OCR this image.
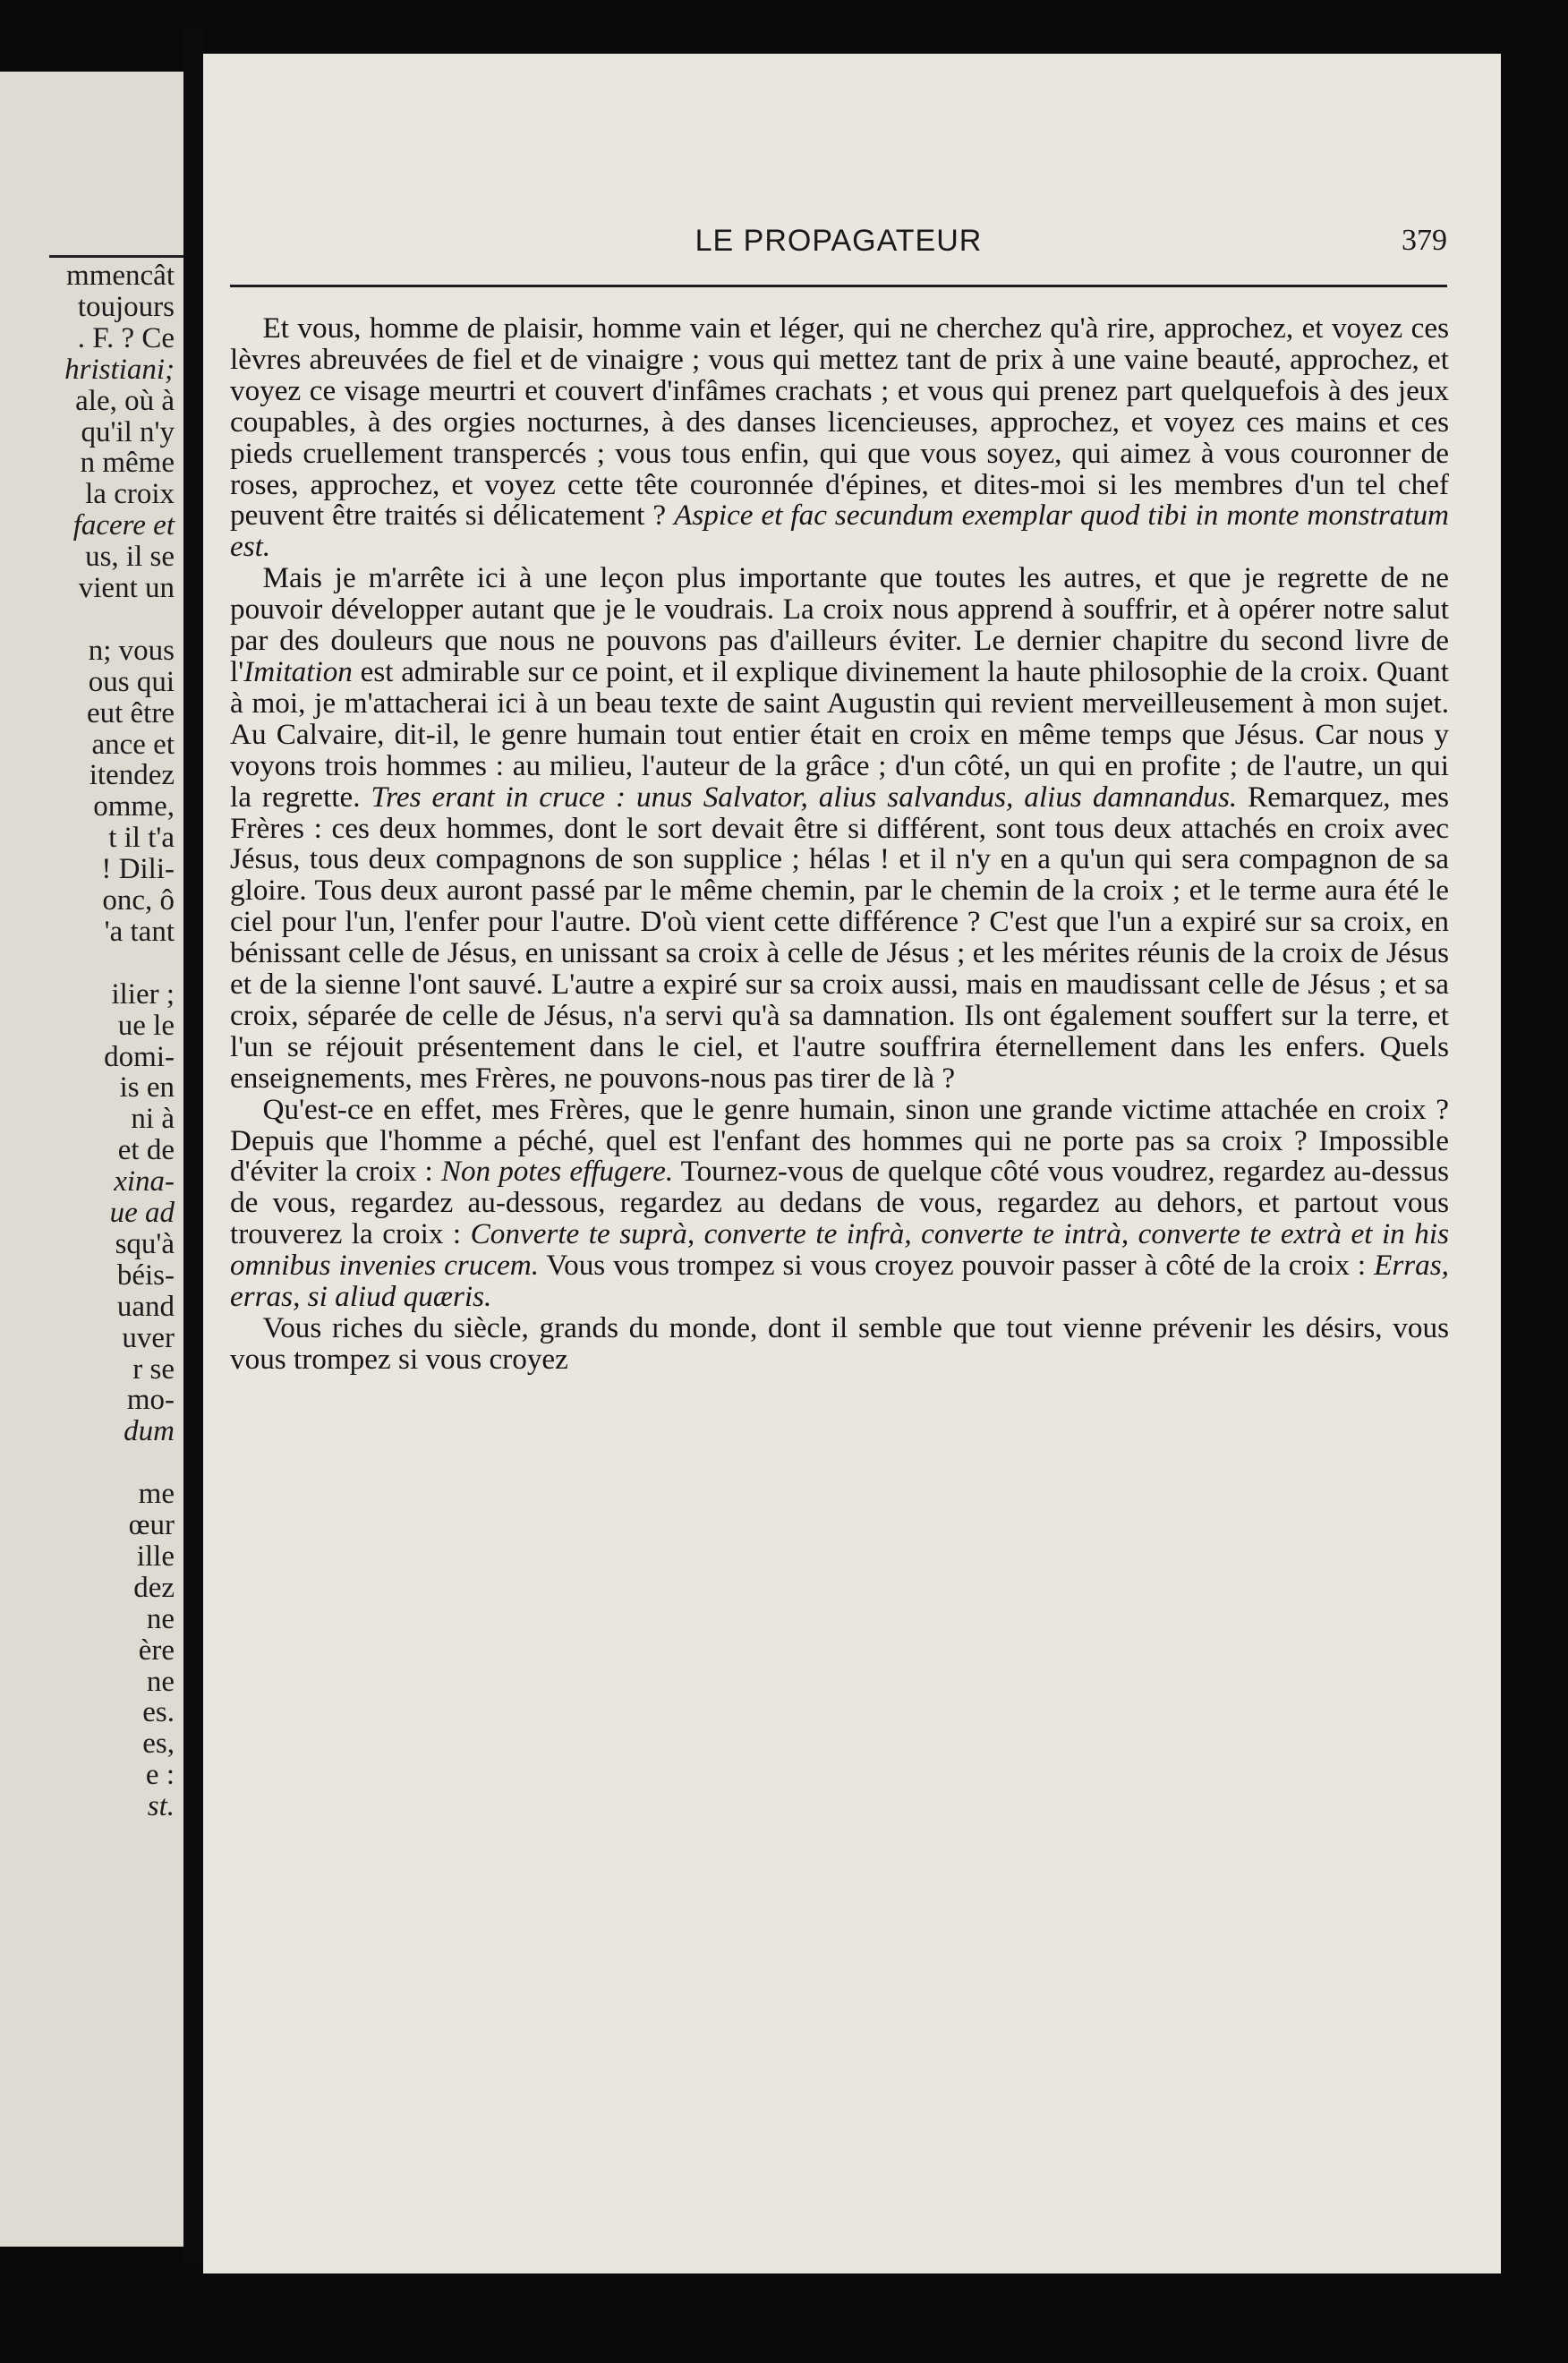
mmencât
toujours
. F. ? Ce
hristiani;
ale, où à
qu'il n'y
n même
la croix
facere et
us, il se
vient un
n; vous
ous qui
eut être
ance et
itendez
omme,
t il t'a
! Dili-
onc, ô
'a tant
ilier ;
ue le
domi-
is en
ni à
et de
xina-
ue ad
squ'à
béis-
uand
uver
r se
mo-
dum
me
œur
ille
dez
ne
ère
ne
es.
es,
e :
st.
LE PROPAGATEUR	379

Et vous, homme de plaisir, homme vain et léger, qui ne cherchez qu'à rire, approchez, et voyez ces lèvres abreuvées de fiel et de vinaigre ; vous qui mettez tant de prix à une vaine beauté, approchez, et voyez ce visage meurtri et couvert d'infâmes crachats ; et vous qui prenez part quelquefois à des jeux coupables, à des orgies nocturnes, à des danses licencieuses, approchez, et voyez ces mains et ces pieds cruellement transpercés ; vous tous enfin, qui que vous soyez, qui aimez à vous couronner de roses, approchez, et voyez cette tête couronnée d'épines, et dites-moi si les membres d'un tel chef peuvent être traités si délicatement ? Aspice et fac secundum exemplar quod tibi in monte monstratum est.

Mais je m'arrête ici à une leçon plus importante que toutes les autres, et que je regrette de ne pouvoir développer autant que je le voudrais. La croix nous apprend à souffrir, et à opérer notre salut par des douleurs que nous ne pouvons pas d'ailleurs éviter. Le dernier chapitre du second livre de l'Imitation est admirable sur ce point, et il explique divinement la haute philosophie de la croix. Quant à moi, je m'attacherai ici à un beau texte de saint Augustin qui revient merveilleusement à mon sujet. Au Calvaire, dit-il, le genre humain tout entier était en croix en même temps que Jésus. Car nous y voyons trois hommes : au milieu, l'auteur de la grâce ; d'un côté, un qui en profite ; de l'autre, un qui la regrette. Tres erant in cruce : unus Salvator, alius salvandus, alius damnandus. Remarquez, mes Frères : ces deux hommes, dont le sort devait être si différent, sont tous deux attachés en croix avec Jésus, tous deux compagnons de son supplice ; hélas ! et il n'y en a qu'un qui sera compagnon de sa gloire. Tous deux auront passé par le même chemin, par le chemin de la croix ; et le terme aura été le ciel pour l'un, l'enfer pour l'autre. D'où vient cette différence ? C'est que l'un a expiré sur sa croix, en bénissant celle de Jésus, en unissant sa croix à celle de Jésus ; et les mérites réunis de la croix de Jésus et de la sienne l'ont sauvé. L'autre a expiré sur sa croix aussi, mais en maudissant celle de Jésus ; et sa croix, séparée de celle de Jésus, n'a servi qu'à sa damnation. Ils ont également souffert sur la terre, et l'un se réjouit présentement dans le ciel, et l'autre souffrira éternellement dans les enfers. Quels enseignements, mes Frères, ne pouvons-nous pas tirer de là ?

Qu'est-ce en effet, mes Frères, que le genre humain, sinon une grande victime attachée en croix ? Depuis que l'homme a péché, quel est l'enfant des hommes qui ne porte pas sa croix ? Impossible d'éviter la croix : Non potes effugere. Tournez-vous de quelque côté vous voudrez, regardez au-dessus de vous, regardez au-dessous, regardez au dedans de vous, regardez au dehors, et partout vous trouverez la croix : Converte te suprà, converte te infrà, converte te intrà, converte te extrà et in his omnibus invenies crucem. Vous vous trompez si vous croyez pouvoir passer à côté de la croix : Erras, erras, si aliud quæris.

Vous riches du siècle, grands du monde, dont il semble que tout vienne prévenir les désirs, vous vous trompez si vous croyez
